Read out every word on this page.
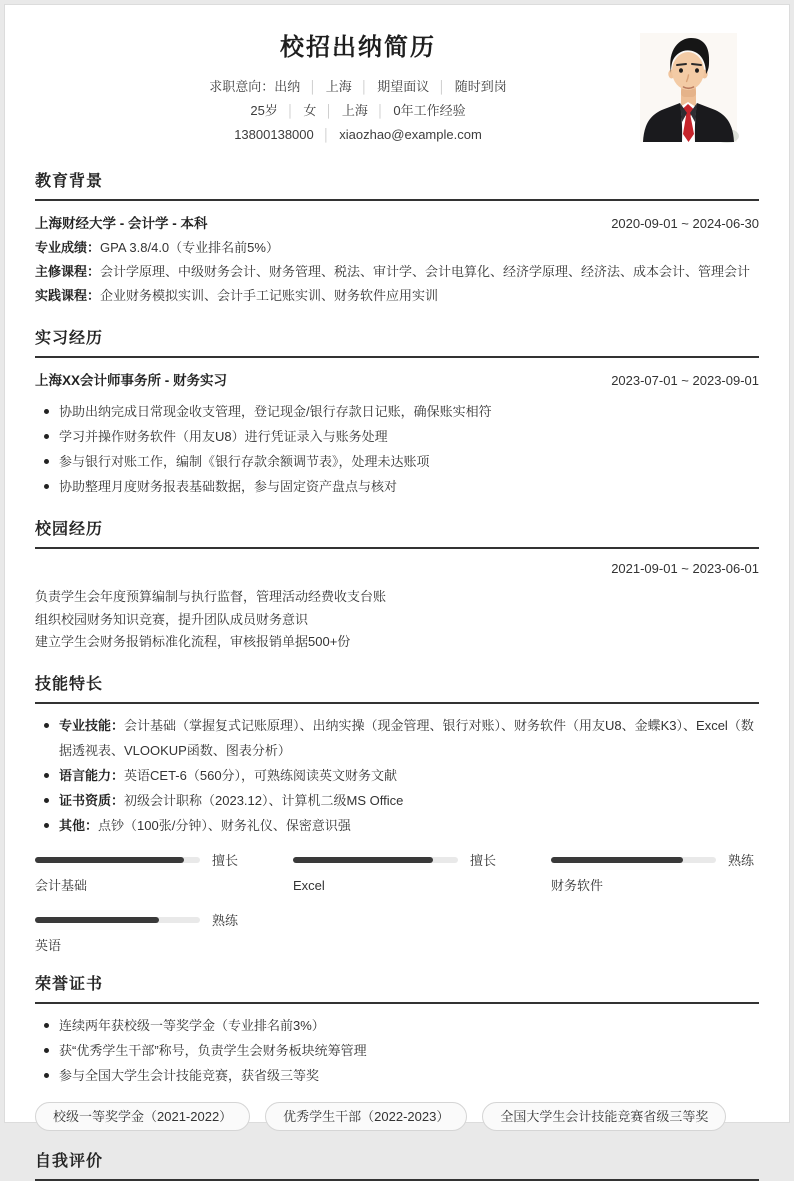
校招出纳简历
求职意向：出纳 │ 上海 │ 期望面议 │ 随时到岗
25岁 │ 女 │ 上海 │ 0年工作经验
13800138000 │ xiaozhao@example.com
教育背景
上海财经大学 - 会计学 - 本科	2020-09-01 ~ 2024-06-30
专业成绩：GPA 3.8/4.0（专业排名前5%）
主修课程：会计学原理、中级财务会计、财务管理、税法、审计学、会计电算化、经济学原理、经济法、成本会计、管理会计
实践课程：企业财务模拟实训、会计手工记账实训、财务软件应用实训
实习经历
上海XX会计师事务所 - 财务实习	2023-07-01 ~ 2023-09-01
协助出纳完成日常现金收支管理，登记现金/银行存款日记账，确保账实相符
学习并操作财务软件（用友U8）进行凭证录入与账务处理
参与银行对账工作，编制《银行存款余额调节表》，处理未达账项
协助整理月度财务报表基础数据，参与固定资产盘点与核对
校园经历
2021-09-01 ~ 2023-06-01
负责学生会年度预算编制与执行监督，管理活动经费收支台账
组织校园财务知识竞赛，提升团队成员财务意识
建立学生会财务报销标准化流程，审核报销单据500+份
技能特长
专业技能：会计基础（掌握复式记账原理）、出纳实操（现金管理、银行对账）、财务软件（用友U8、金蝶K3）、Excel（数据透视表、VLOOKUP函数、图表分析）
语言能力：英语CET-6（560分），可熟练阅读英文财务文献
证书资质：初级会计职称（2023.12）、计算机二级MS Office
其他：点钞（100张/分钟）、财务礼仪、保密意识强
擅长
会计基础
擅长
Excel
熟练
财务软件
熟练
英语
荣誉证书
连续两年获校级一等奖学金（专业排名前3%）
获“优秀学生干部”称号，负责学生会财务板块统筹管理
参与全国大学生会计技能竞赛，获省级三等奖
校级一等奖学金（2021-2022）	优秀学生干部（2022-2023）	全国大学生会计技能竞赛省级三等奖
自我评价
